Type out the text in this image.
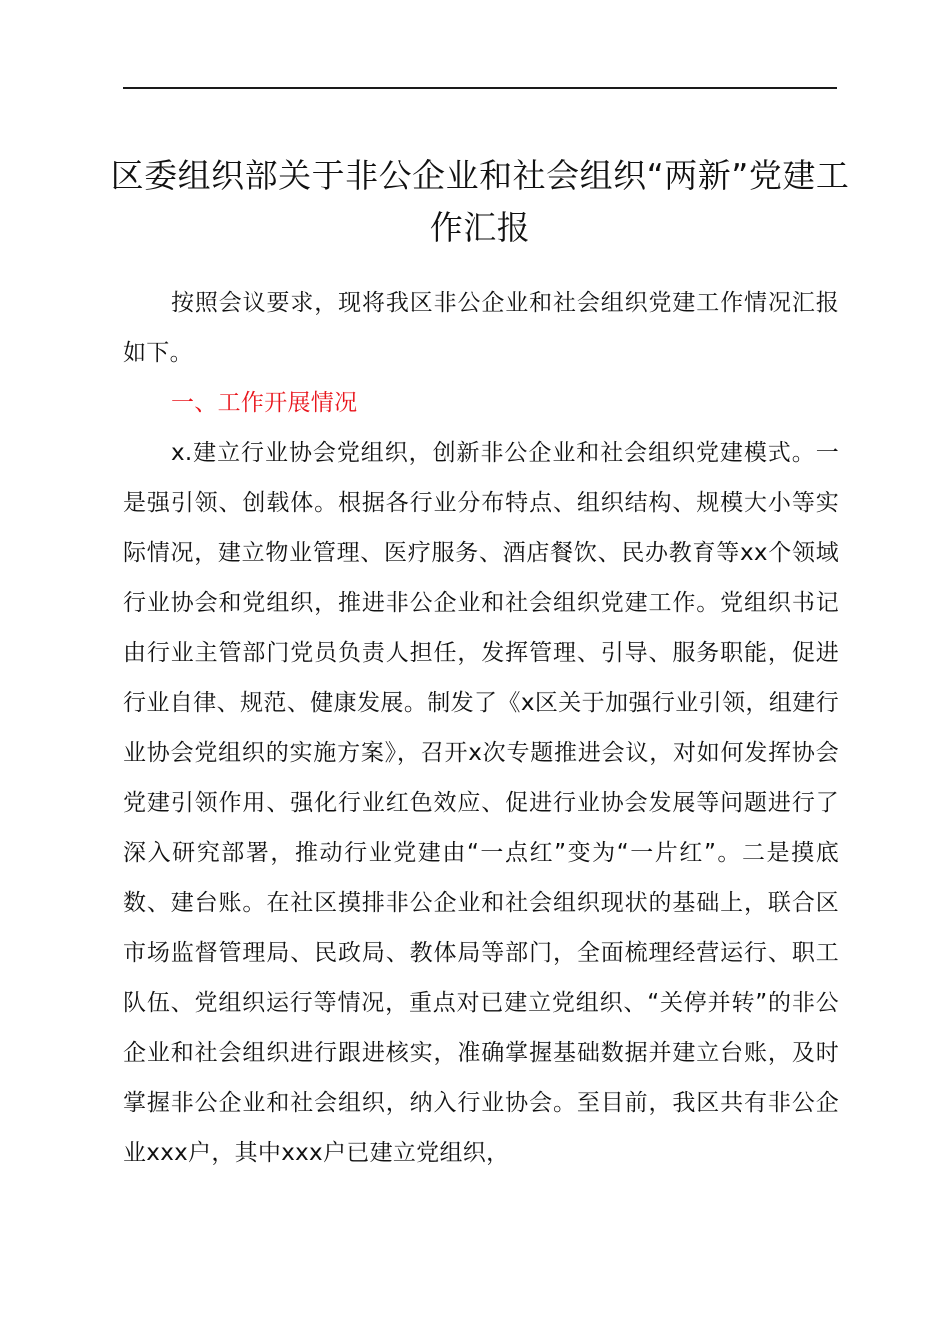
区委组织部关于非公企业和社会组织“两新”党建工作汇报

按照会议要求，现将我区非公企业和社会组织党建工作情况汇报如下。

一、工作开展情况

x.建立行业协会党组织，创新非公企业和社会组织党建模式。一是强引领、创载体。根据各行业分布特点、组织结构、规模大小等实际情况，建立物业管理、医疗服务、酒店餐饮、民办教育等xx个领域行业协会和党组织，推进非公企业和社会组织党建工作。党组织书记由行业主管部门党员负责人担任，发挥管理、引导、服务职能，促进行业自律、规范、健康发展。制发了《x区关于加强行业引领，组建行业协会党组织的实施方案》，召开x次专题推进会议，对如何发挥协会党建引领作用、强化行业红色效应、促进行业协会发展等问题进行了深入研究部署，推动行业党建由“一点红”变为“一片红”。二是摸底数、建台账。在社区摸排非公企业和社会组织现状的基础上，联合区市场监督管理局、民政局、教体局等部门，全面梳理经营运行、职工队伍、党组织运行等情况，重点对已建立党组织、“关停并转”的非公企业和社会组织进行跟进核实，准确掌握基础数据并建立台账，及时掌握非公企业和社会组织，纳入行业协会。至目前，我区共有非公企业xxx户，其中xxx户已建立党组织，
